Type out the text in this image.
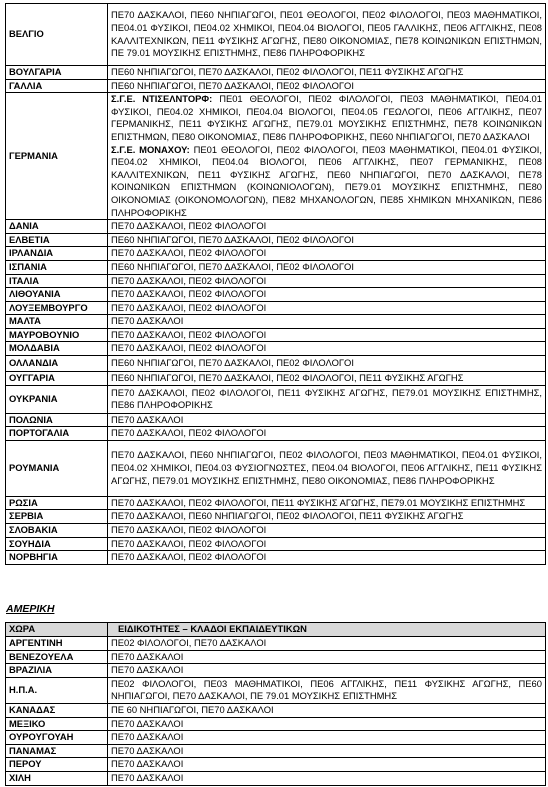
ΒΕΛΓΙΟ	ΠΕ70 ΔΑΣΚΑΛΟΙ, ΠΕ60 ΝΗΠΙΑΓΩΓΟΙ, ΠΕ01 ΘΕΟΛΟΓΟΙ, ΠΕ02 ΦΙΛΟΛΟΓΟΙ, ΠΕ03 ΜΑΘΗΜΑΤΙΚΟΙ, ΠΕ04.01 ΦΥΣΙΚΟΙ, ΠΕ04.02 ΧΗΜΙΚΟΙ, ΠΕ04.04 ΒΙΟΛΟΓΟΙ, ΠΕ05 ΓΑΛΛΙΚΗΣ, ΠΕ06 ΑΓΓΛΙΚΗΣ, ΠΕ08 ΚΑΛΛΙΤΕΧΝΙΚΩΝ, ΠΕ11 ΦΥΣΙΚΗΣ ΑΓΩΓΗΣ, ΠΕ80 ΟΙΚΟΝΟΜΙΑΣ, ΠΕ78 ΚΟΙΝΩΝΙΚΩΝ ΕΠΙΣΤΗΜΩΝ, ΠΕ 79.01 ΜΟΥΣΙΚΗΣ ΕΠΙΣΤΗΜΗΣ, ΠΕ86 ΠΛΗΡΟΦΟΡΙΚΗΣ
ΒΟΥΛΓΑΡΙΑ	ΠΕ60 ΝΗΠΙΑΓΩΓΟΙ, ΠΕ70 ΔΑΣΚΑΛΟΙ, ΠΕ02 ΦΙΛΟΛΟΓΟΙ, ΠΕ11 ΦΥΣΙΚΗΣ ΑΓΩΓΗΣ
ΓΑΛΛΙΑ	ΠΕ60 ΝΗΠΙΑΓΩΓΟΙ, ΠΕ70 ΔΑΣΚΑΛΟΙ, ΠΕ02 ΦΙΛΟΛΟΓΟΙ
ΓΕΡΜΑΝΙΑ	Σ.Γ.Ε. ΝΤΙΣΕΛΝΤΟΡΦ: ΠΕ01 ΘΕΟΛΟΓΟΙ, ΠΕ02 ΦΙΛΟΛΟΓΟΙ, ΠΕ03 ΜΑΘΗΜΑΤΙΚΟΙ, ΠΕ04.01 ΦΥΣΙΚΟΙ, ΠΕ04.02 ΧΗΜΙΚΟΙ, ΠΕ04.04 ΒΙΟΛΟΓΟΙ, ΠΕ04.05 ΓΕΩΛΟΓΟΙ, ΠΕ06 ΑΓΓΛΙΚΗΣ, ΠΕ07 ΓΕΡΜΑΝΙΚΗΣ, ΠΕ11 ΦΥΣΙΚΗΣ ΑΓΩΓΗΣ, ΠΕ79.01 ΜΟΥΣΙΚΗΣ ΕΠΙΣΤΗΜΗΣ, ΠΕ78 ΚΟΙΝΩΝΙΚΩΝ ΕΠΙΣΤΗΜΩΝ, ΠΕ80 ΟΙΚΟΝΟΜΙΑΣ, ΠΕ86 ΠΛΗΡΟΦΟΡΙΚΗΣ, ΠΕ60 ΝΗΠΙΑΓΩΓΟΙ, ΠΕ70 ΔΑΣΚΑΛΟΙ
Σ.Γ.Ε. ΜΟΝΑΧΟΥ: ΠΕ01 ΘΕΟΛΟΓΟΙ, ΠΕ02 ΦΙΛΟΛΟΓΟΙ, ΠΕ03 ΜΑΘΗΜΑΤΙΚΟΙ, ΠΕ04.01 ΦΥΣΙΚΟΙ, ΠΕ04.02 ΧΗΜΙΚΟΙ, ΠΕ04.04 ΒΙΟΛΟΓΟΙ, ΠΕ06 ΑΓΓΛΙΚΗΣ, ΠΕ07 ΓΕΡΜΑΝΙΚΗΣ, ΠΕ08 ΚΑΛΛΙΤΕΧΝΙΚΩΝ, ΠΕ11 ΦΥΣΙΚΗΣ ΑΓΩΓΗΣ, ΠΕ60 ΝΗΠΙΑΓΩΓΟΙ, ΠΕ70 ΔΑΣΚΑΛΟΙ, ΠΕ78 ΚΟΙΝΩΝΙΚΩΝ ΕΠΙΣΤΗΜΩΝ (ΚΟΙΝΩΝΙΟΛΟΓΩΝ), ΠΕ79.01 ΜΟΥΣΙΚΗΣ ΕΠΙΣΤΗΜΗΣ, ΠΕ80 ΟΙΚΟΝΟΜΙΑΣ (ΟΙΚΟΝΟΜΟΛΟΓΩΝ), ΠΕ82 ΜΗΧΑΝΟΛΟΓΩΝ, ΠΕ85 ΧΗΜΙΚΩΝ ΜΗΧΑΝΙΚΩΝ, ΠΕ86 ΠΛΗΡΟΦΟΡΙΚΗΣ

ΔΑΝΙΑ	ΠΕ70 ΔΑΣΚΑΛΟΙ, ΠΕ02 ΦΙΛΟΛΟΓΟΙ
ΕΛΒΕΤΙΑ	ΠΕ60 ΝΗΠΙΑΓΩΓΟΙ, ΠΕ70 ΔΑΣΚΑΛΟΙ, ΠΕ02 ΦΙΛΟΛΟΓΟΙ
ΙΡΛΑΝΔΙΑ	ΠΕ70 ΔΑΣΚΑΛΟΙ, ΠΕ02 ΦΙΛΟΛΟΓΟΙ
ΙΣΠΑΝΙΑ	ΠΕ60 ΝΗΠΙΑΓΩΓΟΙ, ΠΕ70 ΔΑΣΚΑΛΟΙ, ΠΕ02 ΦΙΛΟΛΟΓΟΙ
ΙΤΑΛΙΑ	ΠΕ70 ΔΑΣΚΑΛΟΙ, ΠΕ02 ΦΙΛΟΛΟΓΟΙ
ΛΙΘΟΥΑΝΙΑ	ΠΕ70 ΔΑΣΚΑΛΟΙ, ΠΕ02 ΦΙΛΟΛΟΓΟΙ
ΛΟΥΞΕΜΒΟΥΡΓΟ	ΠΕ70 ΔΑΣΚΑΛΟΙ, ΠΕ02 ΦΙΛΟΛΟΓΟΙ
ΜΑΛΤΑ	ΠΕ70 ΔΑΣΚΑΛΟΙ
ΜΑΥΡΟΒΟΥΝΙΟ	ΠΕ70 ΔΑΣΚΑΛΟΙ, ΠΕ02 ΦΙΛΟΛΟΓΟΙ
ΜΟΛΔΑΒΙΑ	ΠΕ70 ΔΑΣΚΑΛΟΙ, ΠΕ02 ΦΙΛΟΛΟΓΟΙ
ΟΛΛΑΝΔΙΑ	ΠΕ60 ΝΗΠΙΑΓΩΓΟΙ, ΠΕ70 ΔΑΣΚΑΛΟΙ, ΠΕ02 ΦΙΛΟΛΟΓΟΙ
ΟΥΓΓΑΡΙΑ	ΠΕ60 ΝΗΠΙΑΓΩΓΟΙ, ΠΕ70 ΔΑΣΚΑΛΟΙ, ΠΕ02 ΦΙΛΟΛΟΓΟΙ, ΠΕ11 ΦΥΣΙΚΗΣ ΑΓΩΓΗΣ
ΟΥΚΡΑΝΙΑ	ΠΕ70 ΔΑΣΚΑΛΟΙ, ΠΕ02 ΦΙΛΟΛΟΓΟΙ, ΠΕ11 ΦΥΣΙΚΗΣ ΑΓΩΓΗΣ, ΠΕ79.01 ΜΟΥΣΙΚΗΣ ΕΠΙΣΤΗΜΗΣ, ΠΕ86 ΠΛΗΡΟΦΟΡΙΚΗΣ
ΠΟΛΩΝΙΑ	ΠΕ70 ΔΑΣΚΑΛΟΙ
ΠΟΡΤΟΓΑΛΙΑ	ΠΕ70 ΔΑΣΚΑΛΟΙ, ΠΕ02 ΦΙΛΟΛΟΓΟΙ
ΡΟΥΜΑΝΙΑ	ΠΕ70 ΔΑΣΚΑΛΟΙ, ΠΕ60 ΝΗΠΙΑΓΩΓΟΙ, ΠΕ02 ΦΙΛΟΛΟΓΟΙ, ΠΕ03 ΜΑΘΗΜΑΤΙΚΟΙ, ΠΕ04.01 ΦΥΣΙΚΟΙ, ΠΕ04.02 ΧΗΜΙΚΟΙ, ΠΕ04.03 ΦΥΣΙΟΓΝΩΣΤΕΣ, ΠΕ04.04 ΒΙΟΛΟΓΟΙ, ΠΕ06 ΑΓΓΛΙΚΗΣ, ΠΕ11 ΦΥΣΙΚΗΣ ΑΓΩΓΗΣ, ΠΕ79.01 ΜΟΥΣΙΚΗΣ ΕΠΙΣΤΗΜΗΣ, ΠΕ80 ΟΙΚΟΝΟΜΙΑΣ, ΠΕ86 ΠΛΗΡΟΦΟΡΙΚΗΣ
ΡΩΣΙΑ	ΠΕ70 ΔΑΣΚΑΛΟΙ, ΠΕ02 ΦΙΛΟΛΟΓΟΙ, ΠΕ11 ΦΥΣΙΚΗΣ ΑΓΩΓΗΣ, ΠΕ79.01 ΜΟΥΣΙΚΗΣ ΕΠΙΣΤΗΜΗΣ
ΣΕΡΒΙΑ	ΠΕ70 ΔΑΣΚΑΛΟΙ, ΠΕ60 ΝΗΠΙΑΓΩΓΟΙ, ΠΕ02 ΦΙΛΟΛΟΓΟΙ, ΠΕ11 ΦΥΣΙΚΗΣ ΑΓΩΓΗΣ
ΣΛΟΒΑΚΙΑ	ΠΕ70 ΔΑΣΚΑΛΟΙ, ΠΕ02 ΦΙΛΟΛΟΓΟΙ
ΣΟΥΗΔΙΑ	ΠΕ70 ΔΑΣΚΑΛΟΙ, ΠΕ02 ΦΙΛΟΛΟΓΟΙ
ΝΟΡΒΗΓΙΑ	ΠΕ70 ΔΑΣΚΑΛΟΙ, ΠΕ02 ΦΙΛΟΛΟΓΟΙ
ΑΜΕΡΙΚΗ
ΧΩΡΑ	ΕΙΔΙΚΟΤΗΤΕΣ – ΚΛΑΔΟΙ ΕΚΠΑΙΔΕΥΤΙΚΩΝ
ΑΡΓΕΝΤΙΝΗ	ΠΕ02 ΦΙΛΟΛΟΓΟΙ, ΠΕ70 ΔΑΣΚΑΛΟΙ
ΒΕΝΕΖΟΥΕΛΑ	ΠΕ70 ΔΑΣΚΑΛΟΙ
ΒΡΑΖΙΛΙΑ	ΠΕ70 ΔΑΣΚΑΛΟΙ
Η.Π.Α.	ΠΕ02 ΦΙΛΟΛΟΓΟΙ, ΠΕ03 ΜΑΘΗΜΑΤΙΚΟΙ, ΠΕ06 ΑΓΓΛΙΚΗΣ, ΠΕ11 ΦΥΣΙΚΗΣ ΑΓΩΓΗΣ, ΠΕ60 ΝΗΠΙΑΓΩΓΟΙ, ΠΕ70 ΔΑΣΚΑΛΟΙ, ΠΕ 79.01 ΜΟΥΣΙΚΗΣ ΕΠΙΣΤΗΜΗΣ
ΚΑΝΑΔΑΣ	ΠΕ 60 ΝΗΠΙΑΓΩΓΟΙ, ΠΕ70 ΔΑΣΚΑΛΟΙ
ΜΕΞΙΚΟ	ΠΕ70 ΔΑΣΚΑΛΟΙ
ΟΥΡΟΥΓΟΥΑΗ	ΠΕ70 ΔΑΣΚΑΛΟΙ
ΠΑΝΑΜΑΣ	ΠΕ70 ΔΑΣΚΑΛΟΙ
ΠΕΡΟΥ	ΠΕ70 ΔΑΣΚΑΛΟΙ
ΧΙΛΗ	ΠΕ70 ΔΑΣΚΑΛΟΙ
